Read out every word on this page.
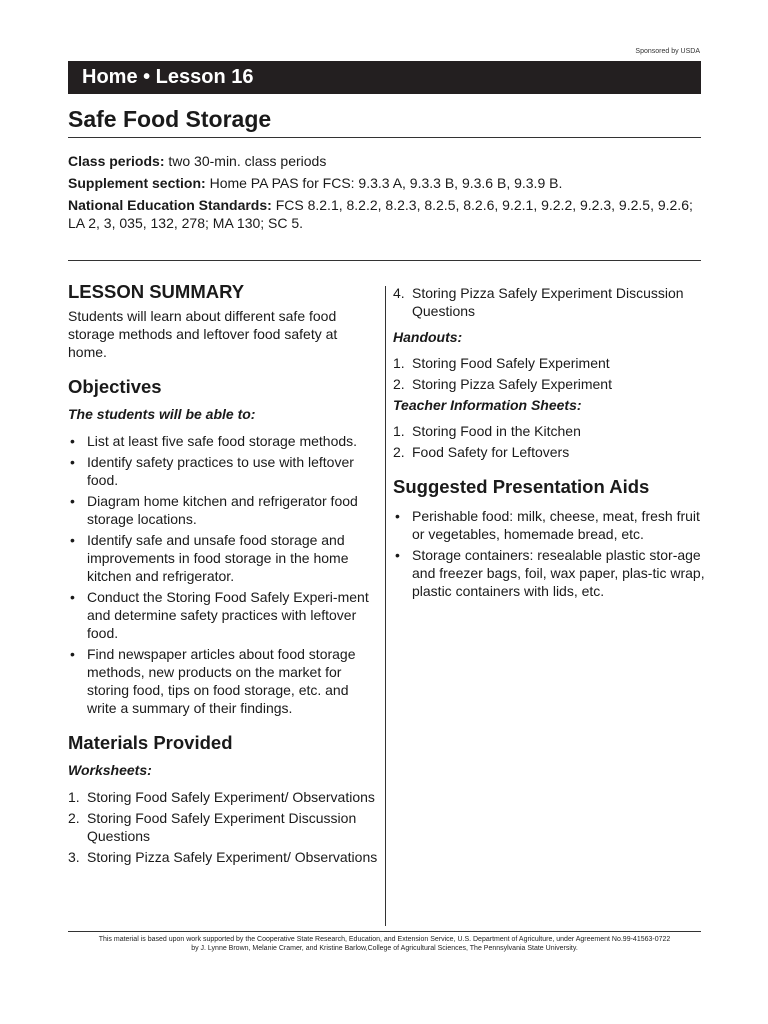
Sponsored by USDA
Home • Lesson 16
Safe Food Storage
Class periods: two 30-min. class periods
Supplement section: Home PA PAS for FCS: 9.3.3 A, 9.3.3 B, 9.3.6 B, 9.3.9 B.
National Education Standards: FCS 8.2.1, 8.2.2, 8.2.3, 8.2.5, 8.2.6, 9.2.1, 9.2.2, 9.2.3, 9.2.5, 9.2.6; LA 2, 3, 035, 132, 278; MA 130; SC 5.
LESSON SUMMARY

Students will learn about different safe food storage methods and leftover food safety at home.

Objectives
The students will be able to:
• List at least five safe food storage methods.
• Identify safety practices to use with leftover food.
• Diagram home kitchen and refrigerator food storage locations.
• Identify safe and unsafe food storage and improvements in food storage in the home kitchen and refrigerator.
• Conduct the Storing Food Safely Experi-ment and determine safety practices with leftover food.
• Find newspaper articles about food storage methods, new products on the market for storing food, tips on food storage, etc. and write a summary of their findings.
Materials Provided
Worksheets:
1. Storing Food Safely Experiment/ Observations
2. Storing Food Safely Experiment Discussion Questions
3. Storing Pizza Safely Experiment/ Observations
4. Storing Pizza Safely Experiment Discussion Questions
Handouts:
1. Storing Food Safely Experiment
2. Storing Pizza Safely Experiment
Teacher Information Sheets:
1. Storing Food in the Kitchen
2. Food Safety for Leftovers
Suggested Presentation Aids
• Perishable food: milk, cheese, meat, fresh fruit or vegetables, homemade bread, etc.
• Storage containers: resealable plastic stor-age and freezer bags, foil, wax paper, plas-tic wrap, plastic containers with lids, etc.
This material is based upon work supported by the Cooperative State Research, Education, and Extension Service, U.S. Department of Agriculture, under Agreement No.99-41563-0722
by J. Lynne Brown, Melanie Cramer, and Kristine Barlow,College of Agricultural Sciences, The Pennsylvania State University.
